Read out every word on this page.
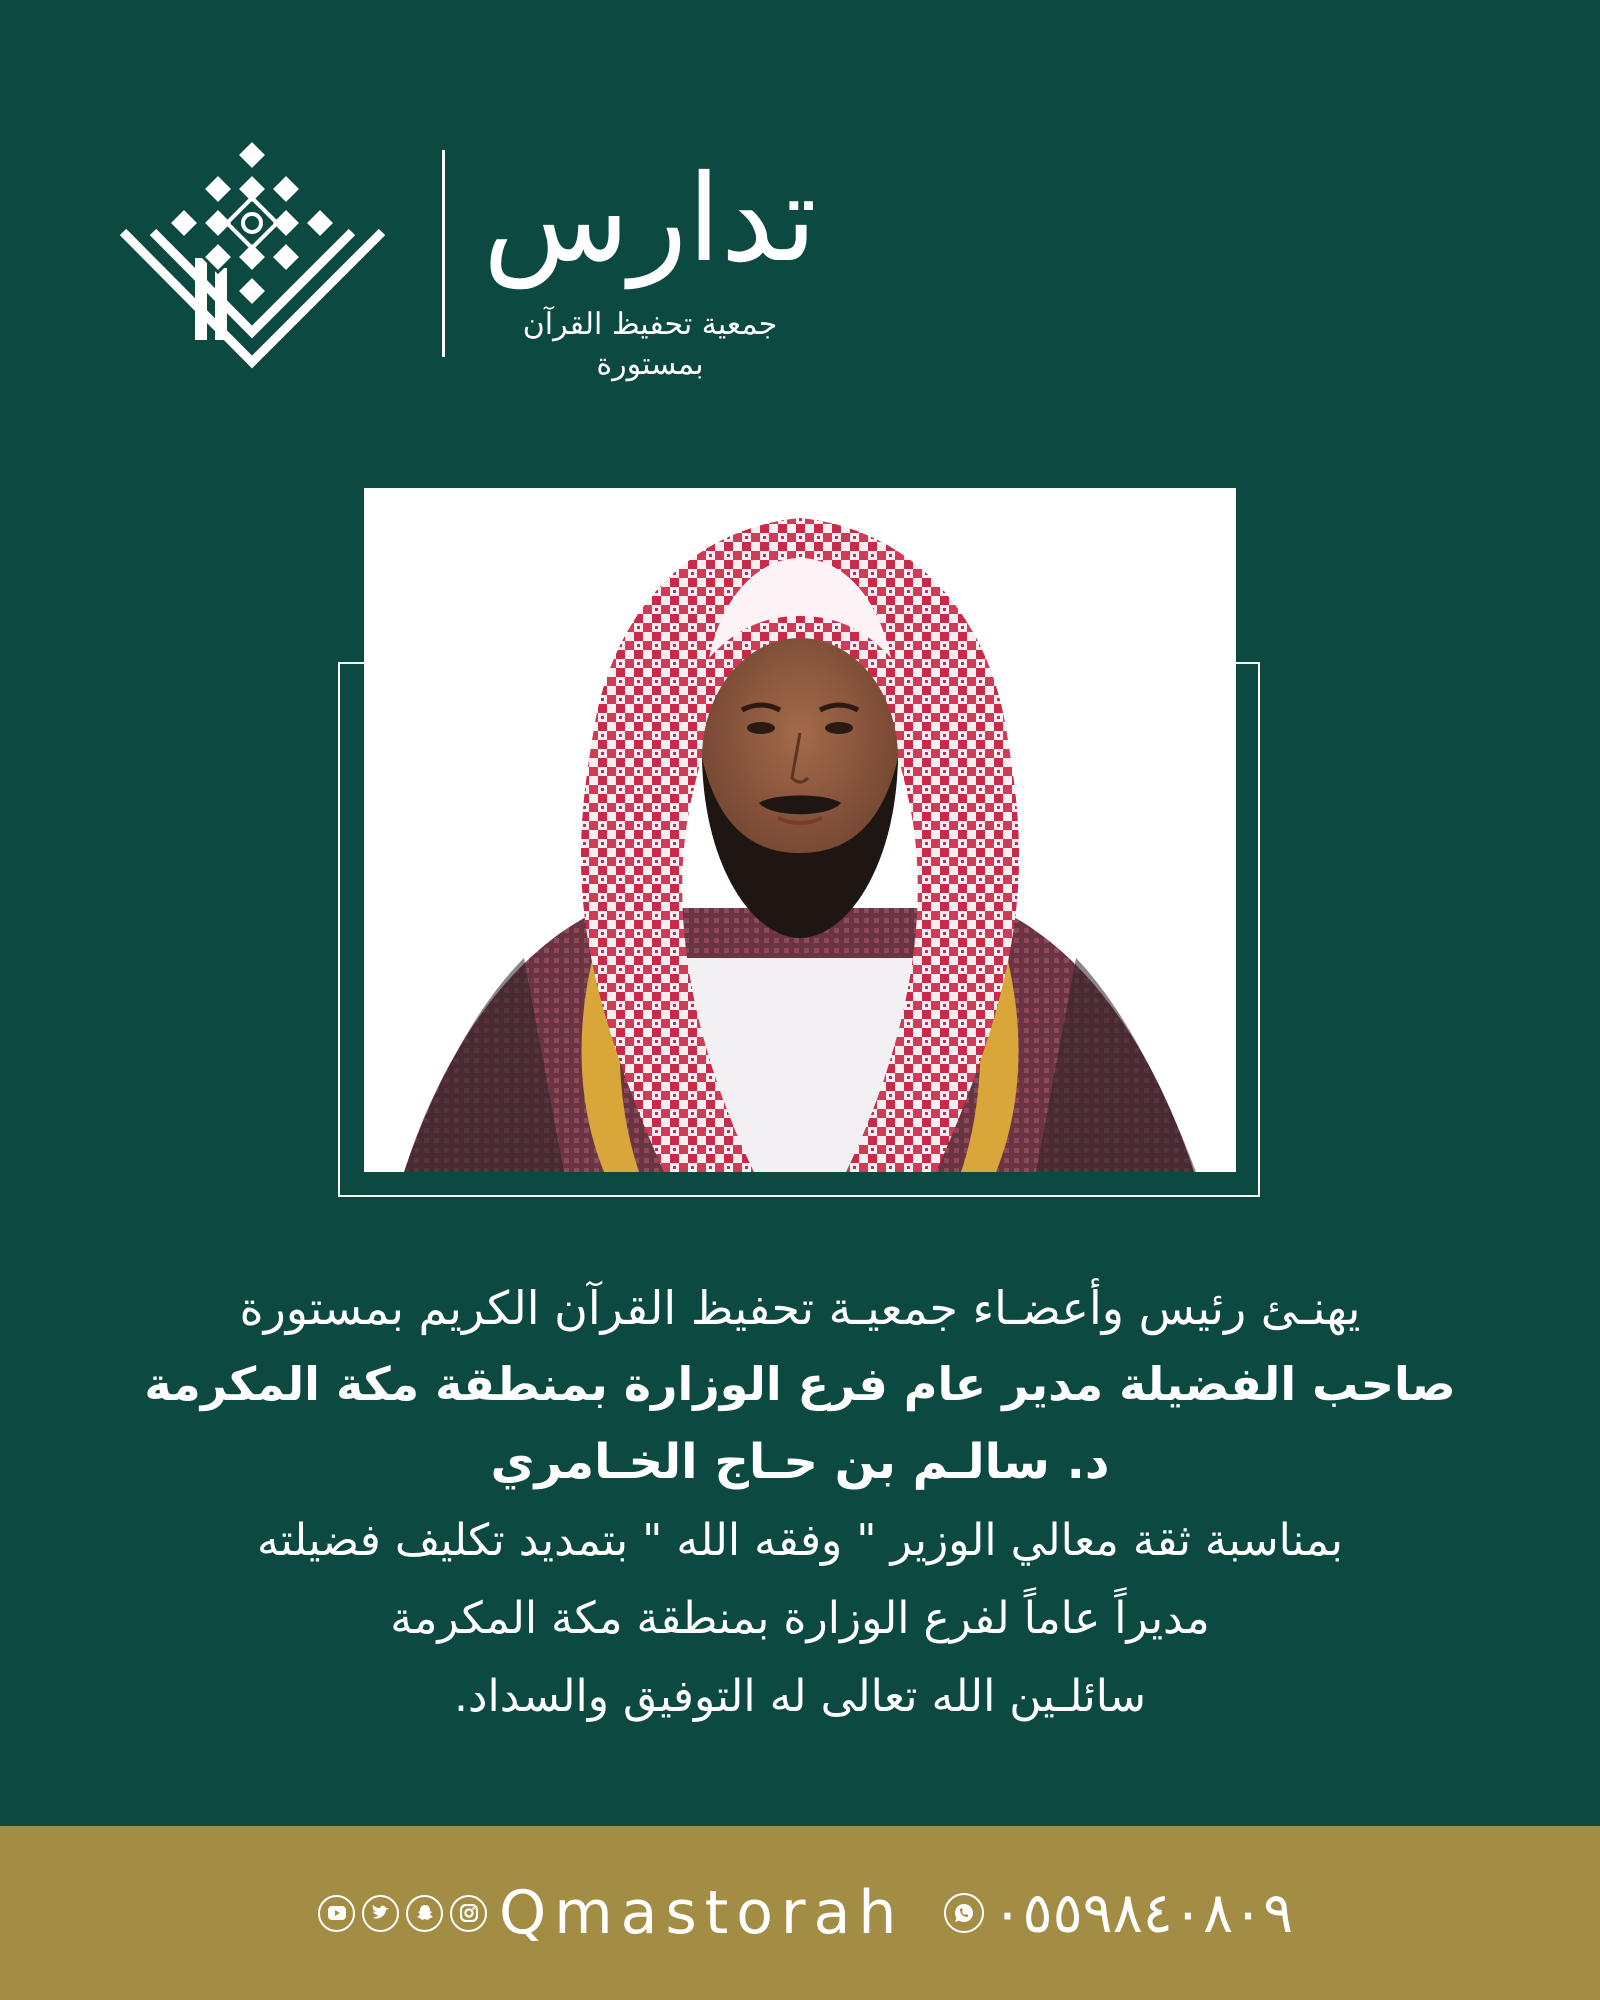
تدارس
جمعية تحفيظ القرآن بمستورة
يهنـئ رئيس وأعضـاء جمعيـة تحفيظ القرآن الكريم بمستورة
صاحب الفضيلة مدير عام فرع الوزارة بمنطقة مكة المكرمة
د. سالـم بن حـاج الخـامري
بمناسبة ثقة معالي الوزير " وفقه الله " بتمديد تكليف فضيلته
مديراً عاماً لفرع الوزارة بمنطقة مكة المكرمة
سائلـين الله تعالى له التوفيق والسداد.
Qmastorah ٠٥٥٩٨٤٠٨٠٩
